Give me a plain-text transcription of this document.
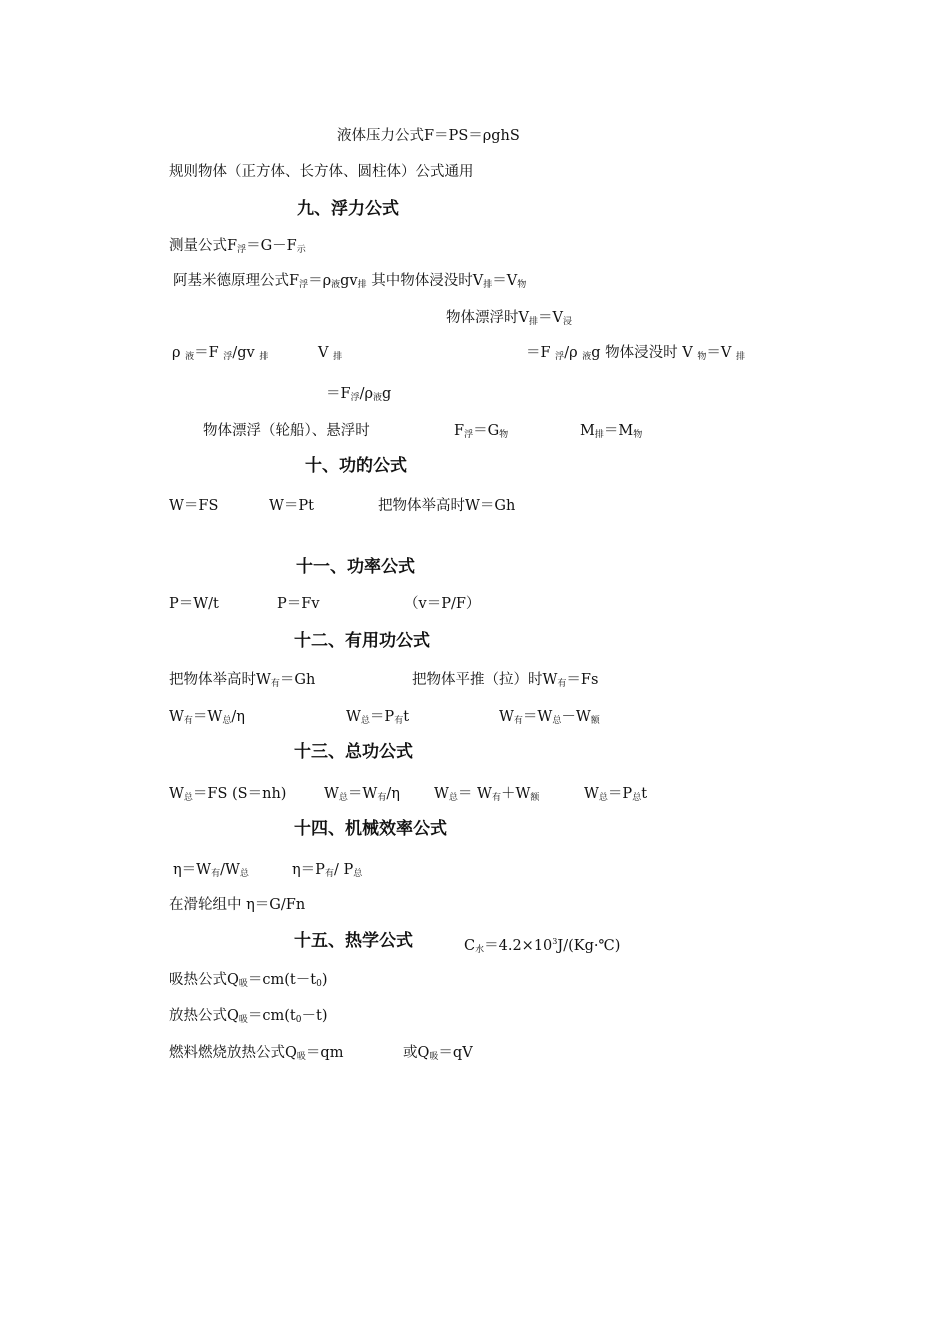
液体压力公式F＝PS＝ρghS
规则物体（正方体、长方体、圆柱体）公式通用
九、浮力公式
测量公式F浮＝G－F示
阿基米德原理公式F浮＝ρ液gv排 其中物体浸没时V排＝V物
物体漂浮时V排＝V浸
ρ 液＝F 浮/gv 排	V 排	＝F 浮/ρ 液g 物体浸没时 V 物＝V 排
＝F浮/ρ液g
物体漂浮（轮船）、悬浮时	F浮＝G物	M排＝M物
十、功的公式
W＝FS	W＝Pt	把物体举高时W＝Gh
十一、功率公式
P＝W/t	P＝Fv	（v＝P/F）
十二、有用功公式
把物体举高时W有＝Gh	把物体平推（拉）时W有＝Fs
W有＝W总/η	W总＝P有t	W有＝W总－W额
十三、总功公式
W总＝FS (S＝nh)	W总＝W有/η W总＝ W有＋W额	W总＝P总t
十四、机械效率公式
η＝W有/W总	η＝P有/ P总
在滑轮组中 η＝G/Fn
十五、热学公式	C水$=4.2\times 10^3J/(Kg\cdot℃)$
吸热公式Q吸＝cm(t－t0)
放热公式Q吸＝cm(t0－t)
燃料燃烧放热公式Q吸＝qm	或Q吸＝qV
